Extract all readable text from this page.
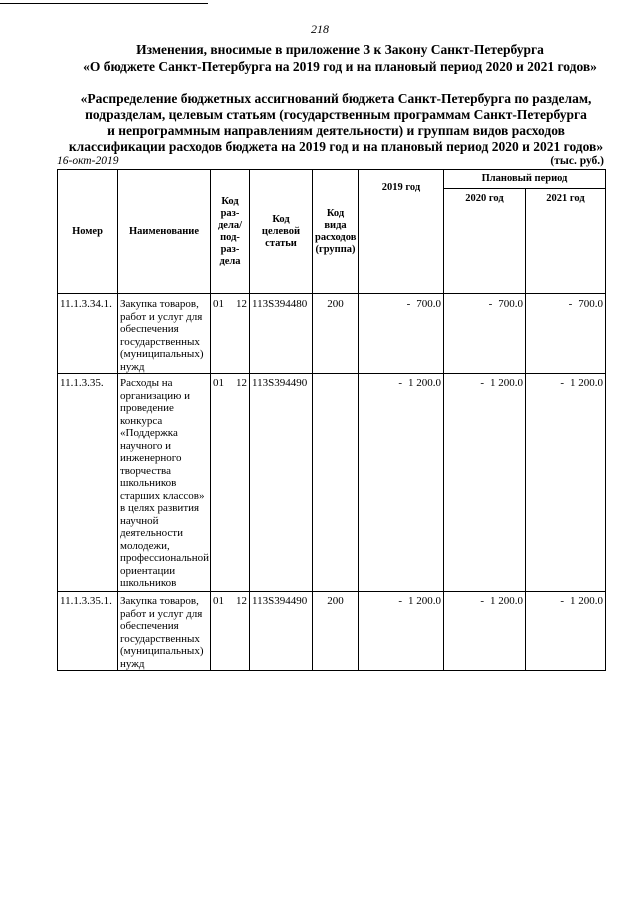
218
Изменения, вносимые в приложение 3 к Закону Санкт-Петербурга
«О бюджете Санкт-Петербурга на 2019 год и на плановый период 2020 и 2021 годов»
«Распределение бюджетных ассигнований бюджета Санкт-Петербурга по разделам,
подразделам, целевым статьям (государственным программам Санкт-Петербурга
и непрограммным направлениям деятельности) и группам видов расходов
классификации расходов бюджета на 2019 год и на плановый период 2020 и 2021 годов»
16-окт-2019	(тыс. руб.)
Номер	Наименование	Код раз-дела/ под-раз-дела	Код целевой статьи	Код вида расходов (группа)	2019 год	Плановый период	
						2020 год	2021 год
11.1.3.34.1.	Закупка товаров, работ и услуг для обеспечения государственных (муниципальных) нужд	01 12	113S394480	200	- 700.0	- 700.0	- 700.0

11.1.3.35.	Расходы на организацию и проведение конкурса «Поддержка научного и инженерного творчества школьников старших классов» в целях развития научной деятельности молодежи, профессиональной ориентации школьников	01 12	113S394490		- 1 200.0	- 1 200.0	- 1 200.0

11.1.3.35.1.	Закупка товаров, работ и услуг для обеспечения государственных (муниципальных) нужд	01 12	113S394490	200	- 1 200.0	- 1 200.0	- 1 200.0
